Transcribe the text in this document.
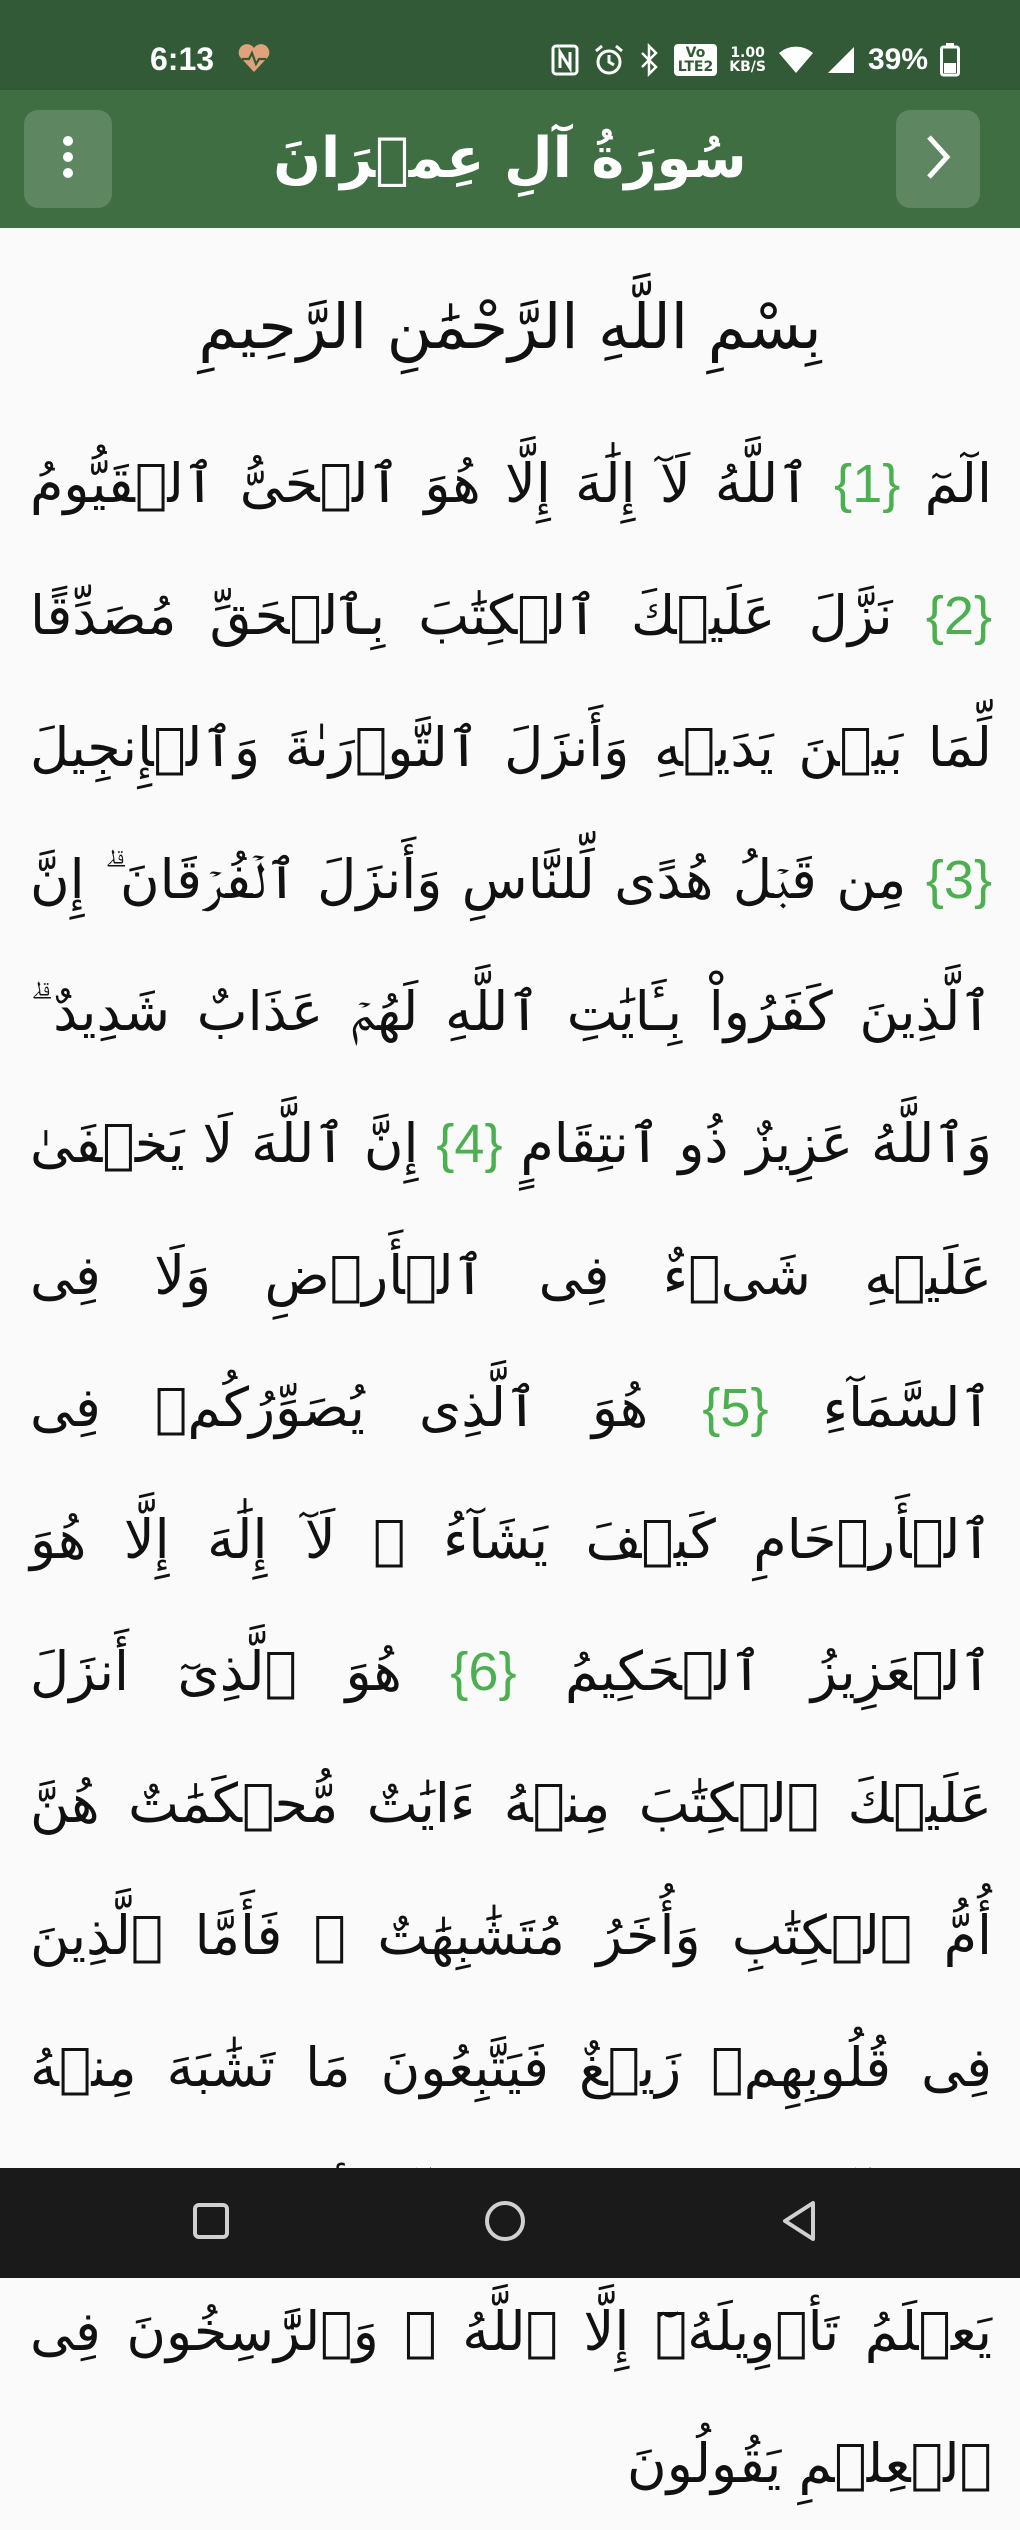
6:13	Vo
LTE2
1.00
KB/S	39%
سُورَةُ آلِ عِمۡرَانَ
بِسْمِ اللَّهِ الرَّحْمَٰنِ الرَّحِيمِ
الٓمٓ {1} ٱللَّهُ لَآ إِلَٰهَ إِلَّا هُوَ ٱلۡحَىُّ ٱلۡقَيُّومُ {2} نَزَّلَ عَلَيۡكَ ٱلۡكِتَٰبَ بِٱلۡحَقِّ مُصَدِّقًا لِّمَا بَيۡنَ يَدَيۡهِ وَأَنزَلَ ٱلتَّوۡرَىٰةَ وَٱلۡإِنجِيلَ {3} مِن قَبۡلُ هُدًى لِّلنَّاسِ وَأَنزَلَ ٱلۡفُرۡقَانَ ۗ إِنَّ ٱلَّذِينَ كَفَرُواْ بِـَٔايَٰتِ ٱللَّهِ لَهُمۡ عَذَابٌ شَدِيدٌ ۗ وَٱللَّهُ عَزِيزٌ ذُو ٱنتِقَامٍ {4} إِنَّ ٱللَّهَ لَا يَخۡفَىٰ عَلَيۡهِ شَىۡءٌ فِى ٱلۡأَرۡضِ وَلَا فِى ٱلسَّمَآءِ {5} هُوَ ٱلَّذِى يُصَوِّرُكُمۡ فِى ٱلۡأَرۡحَامِ كَيۡفَ يَشَآءُ ۚ لَآ إِلَٰهَ إِلَّا هُوَ ٱلۡعَزِيزُ ٱلۡحَكِيمُ {6} هُوَ ٱلَّذِىٓ أَنزَلَ عَلَيۡكَ ٱلۡكِتَٰبَ مِنۡهُ ءَايَٰتٌ مُّحۡكَمَٰتٌ هُنَّ أُمُّ ٱلۡكِتَٰبِ وَأُخَرُ مُتَشَٰبِهَٰتٌ ۖ فَأَمَّا ٱلَّذِينَ فِى قُلُوبِهِمۡ زَيۡغٌ فَيَتَّبِعُونَ مَا تَشَٰبَهَ مِنۡهُ يَعۡلَمُ تَأۡوِيلَهُۥٓ إِلَّا ٱللَّهُ ۗ وَٱلرَّٰسِخُونَ فِى ٱلۡعِلۡمِ يَقُولُونَ
